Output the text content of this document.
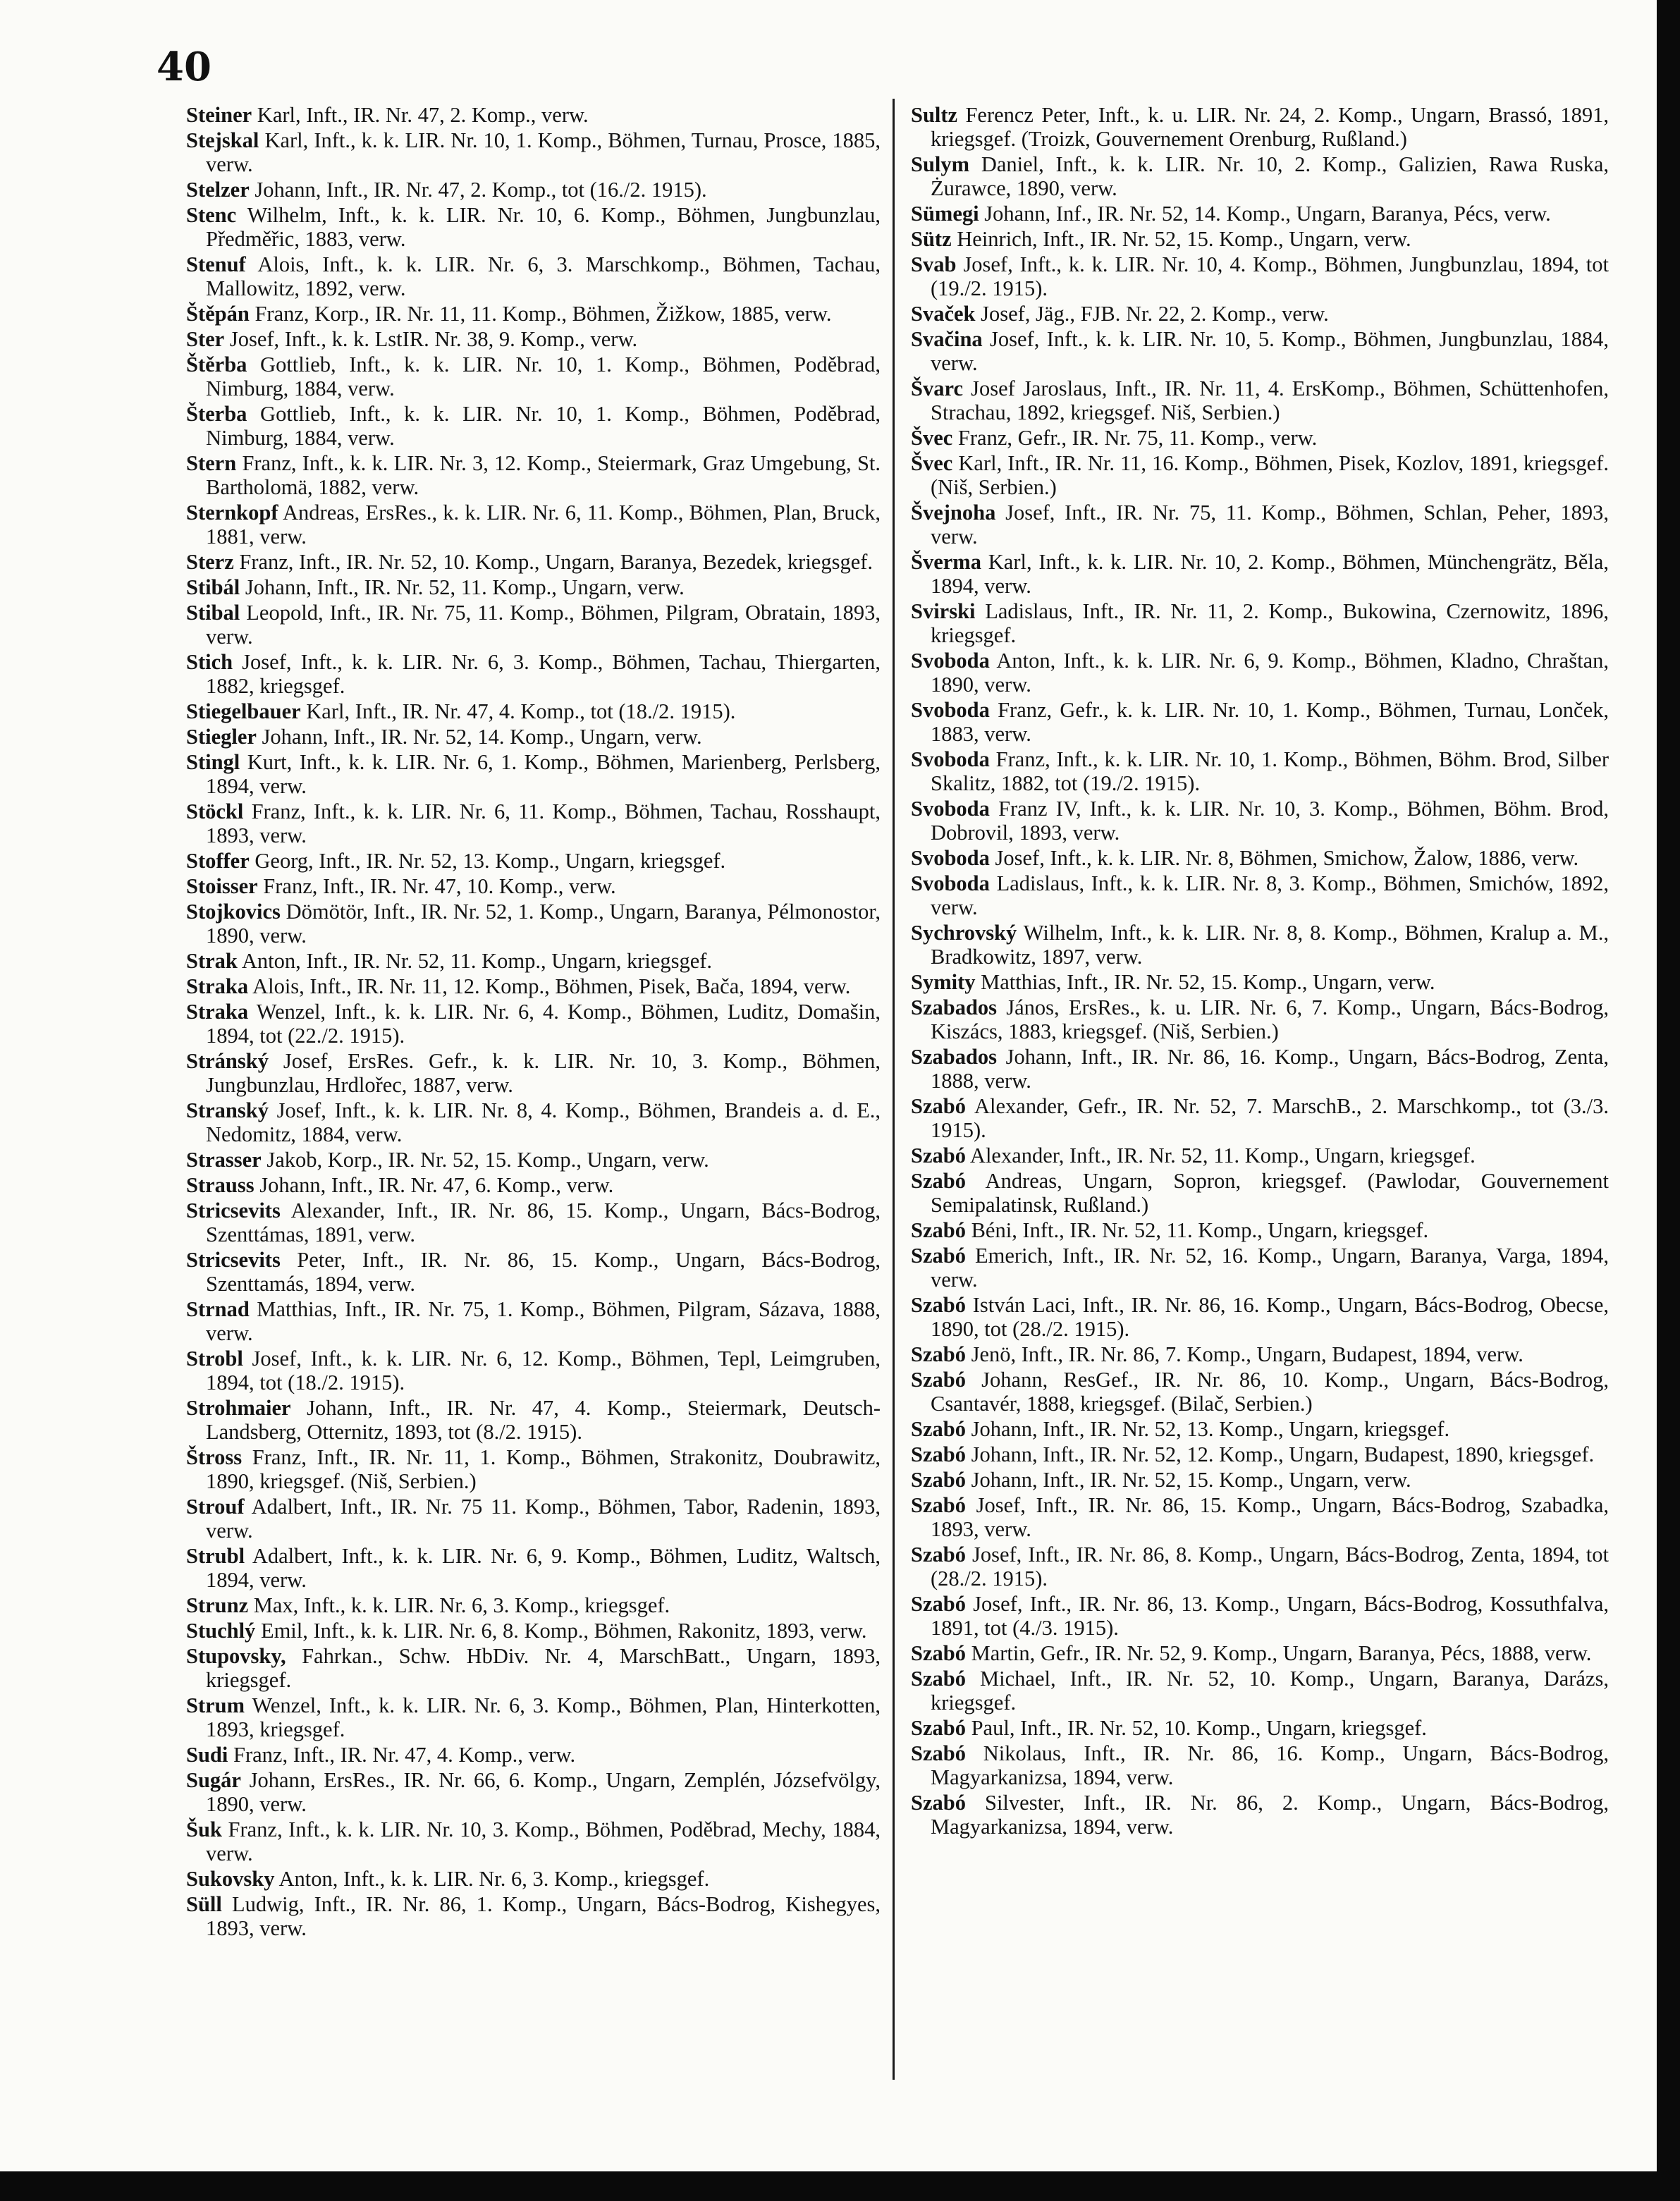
40

Steiner Karl, Inft., IR. Nr. 47, 2. Komp., verw.

Stejskal Karl, Inft., k. k. LIR. Nr. 10, 1. Komp., Böhmen, Turnau, Prosce, 1885, verw.

Stelzer Johann, Inft., IR. Nr. 47, 2. Komp., tot (16./2. 1915).

Stenc Wilhelm, Inft., k. k. LIR. Nr. 10, 6. Komp., Böhmen, Jungbunzlau, Předměřic, 1883, verw.

Stenuf Alois, Inft., k. k. LIR. Nr. 6, 3. Marschkomp., Böhmen, Tachau, Mallowitz, 1892, verw.

Štěpán Franz, Korp., IR. Nr. 11, 11. Komp., Böhmen, Žižkow, 1885, verw.

Ster Josef, Inft., k. k. LstIR. Nr. 38, 9. Komp., verw.

Štěrba Gottlieb, Inft., k. k. LIR. Nr. 10, 1. Komp., Böhmen, Poděbrad, Nimburg, 1884, verw.

Šterba Gottlieb, Inft., k. k. LIR. Nr. 10, 1. Komp., Böhmen, Poděbrad, Nimburg, 1884, verw.

Stern Franz, Inft., k. k. LIR. Nr. 3, 12. Komp., Steiermark, Graz Umgebung, St. Bartholomä, 1882, verw.

Sternkopf Andreas, ErsRes., k. k. LIR. Nr. 6, 11. Komp., Böhmen, Plan, Bruck, 1881, verw.

Sterz Franz, Inft., IR. Nr. 52, 10. Komp., Ungarn, Baranya, Bezedek, kriegsgef.

Stibál Johann, Inft., IR. Nr. 52, 11. Komp., Ungarn, verw.

Stibal Leopold, Inft., IR. Nr. 75, 11. Komp., Böhmen, Pilgram, Obratain, 1893, verw.

Stich Josef, Inft., k. k. LIR. Nr. 6, 3. Komp., Böhmen, Tachau, Thiergarten, 1882, kriegsgef.

Stiegelbauer Karl, Inft., IR. Nr. 47, 4. Komp., tot (18./2. 1915).

Stiegler Johann, Inft., IR. Nr. 52, 14. Komp., Ungarn, verw.

Stingl Kurt, Inft., k. k. LIR. Nr. 6, 1. Komp., Böhmen, Marienberg, Perlsberg, 1894, verw.

Stöckl Franz, Inft., k. k. LIR. Nr. 6, 11. Komp., Böhmen, Tachau, Rosshaupt, 1893, verw.

Stoffer Georg, Inft., IR. Nr. 52, 13. Komp., Ungarn, kriegsgef.

Stoisser Franz, Inft., IR. Nr. 47, 10. Komp., verw.

Stojkovics Dömötör, Inft., IR. Nr. 52, 1. Komp., Ungarn, Baranya, Pélmonostor, 1890, verw.

Strak Anton, Inft., IR. Nr. 52, 11. Komp., Ungarn, kriegsgef.

Straka Alois, Inft., IR. Nr. 11, 12. Komp., Böhmen, Pisek, Bača, 1894, verw.

Straka Wenzel, Inft., k. k. LIR. Nr. 6, 4. Komp., Böhmen, Luditz, Domašin, 1894, tot (22./2. 1915).

Stránský Josef, ErsRes. Gefr., k. k. LIR. Nr. 10, 3. Komp., Böhmen, Jungbunzlau, Hrdlořec, 1887, verw.

Stranský Josef, Inft., k. k. LIR. Nr. 8, 4. Komp., Böhmen, Brandeis a. d. E., Nedomitz, 1884, verw.

Strasser Jakob, Korp., IR. Nr. 52, 15. Komp., Ungarn, verw.

Strauss Johann, Inft., IR. Nr. 47, 6. Komp., verw.

Stricsevits Alexander, Inft., IR. Nr. 86, 15. Komp., Ungarn, Bács-Bodrog, Szenttámas, 1891, verw.

Stricsevits Peter, Inft., IR. Nr. 86, 15. Komp., Ungarn, Bács-Bodrog, Szenttamás, 1894, verw.

Strnad Matthias, Inft., IR. Nr. 75, 1. Komp., Böhmen, Pilgram, Sázava, 1888, verw.

Strobl Josef, Inft., k. k. LIR. Nr. 6, 12. Komp., Böhmen, Tepl, Leimgruben, 1894, tot (18./2. 1915).

Strohmaier Johann, Inft., IR. Nr. 47, 4. Komp., Steiermark, Deutsch-Landsberg, Otternitz, 1893, tot (8./2. 1915).

Štross Franz, Inft., IR. Nr. 11, 1. Komp., Böhmen, Strakonitz, Doubrawitz, 1890, kriegsgef. (Niš, Serbien.)

Strouf Adalbert, Inft., IR. Nr. 75 11. Komp., Böhmen, Tabor, Radenin, 1893, verw.

Strubl Adalbert, Inft., k. k. LIR. Nr. 6, 9. Komp., Böhmen, Luditz, Waltsch, 1894, verw.

Strunz Max, Inft., k. k. LIR. Nr. 6, 3. Komp., kriegsgef.

Stuchlý Emil, Inft., k. k. LIR. Nr. 6, 8. Komp., Böhmen, Rakonitz, 1893, verw.

Stupovsky, Fahrkan., Schw. HbDiv. Nr. 4, MarschBatt., Ungarn, 1893, kriegsgef.

Strum Wenzel, Inft., k. k. LIR. Nr. 6, 3. Komp., Böhmen, Plan, Hinterkotten, 1893, kriegsgef.

Sudi Franz, Inft., IR. Nr. 47, 4. Komp., verw.

Sugár Johann, ErsRes., IR. Nr. 66, 6. Komp., Ungarn, Zemplén, Józsefvölgy, 1890, verw.

Šuk Franz, Inft., k. k. LIR. Nr. 10, 3. Komp., Böhmen, Poděbrad, Mechy, 1884, verw.

Sukovsky Anton, Inft., k. k. LIR. Nr. 6, 3. Komp., kriegsgef.

Süll Ludwig, Inft., IR. Nr. 86, 1. Komp., Ungarn, Bács-Bodrog, Kishegyes, 1893, verw.

Sultz Ferencz Peter, Inft., k. u. LIR. Nr. 24, 2. Komp., Ungarn, Brassó, 1891, kriegsgef. (Troizk, Gouvernement Orenburg, Rußland.)

Sulym Daniel, Inft., k. k. LIR. Nr. 10, 2. Komp., Galizien, Rawa Ruska, Żurawce, 1890, verw.

Sümegi Johann, Inf., IR. Nr. 52, 14. Komp., Ungarn, Baranya, Pécs, verw.

Sütz Heinrich, Inft., IR. Nr. 52, 15. Komp., Ungarn, verw.

Svab Josef, Inft., k. k. LIR. Nr. 10, 4. Komp., Böhmen, Jungbunzlau, 1894, tot (19./2. 1915).

Svaček Josef, Jäg., FJB. Nr. 22, 2. Komp., verw.

Svačina Josef, Inft., k. k. LIR. Nr. 10, 5. Komp., Böhmen, Jungbunzlau, 1884, verw.

Švarc Josef Jaroslaus, Inft., IR. Nr. 11, 4. ErsKomp., Böhmen, Schüttenhofen, Strachau, 1892, kriegsgef. Niš, Serbien.)

Švec Franz, Gefr., IR. Nr. 75, 11. Komp., verw.

Švec Karl, Inft., IR. Nr. 11, 16. Komp., Böhmen, Pisek, Kozlov, 1891, kriegsgef. (Niš, Serbien.)

Švejnoha Josef, Inft., IR. Nr. 75, 11. Komp., Böhmen, Schlan, Peher, 1893, verw.

Šverma Karl, Inft., k. k. LIR. Nr. 10, 2. Komp., Böhmen, Münchengrätz, Běla, 1894, verw.

Svirski Ladislaus, Inft., IR. Nr. 11, 2. Komp., Bukowina, Czernowitz, 1896, kriegsgef.

Svoboda Anton, Inft., k. k. LIR. Nr. 6, 9. Komp., Böhmen, Kladno, Chraštan, 1890, verw.

Svoboda Franz, Gefr., k. k. LIR. Nr. 10, 1. Komp., Böhmen, Turnau, Lonček, 1883, verw.

Svoboda Franz, Inft., k. k. LIR. Nr. 10, 1. Komp., Böhmen, Böhm. Brod, Silber Skalitz, 1882, tot (19./2. 1915).

Svoboda Franz IV, Inft., k. k. LIR. Nr. 10, 3. Komp., Böhmen, Böhm. Brod, Dobrovil, 1893, verw.

Svoboda Josef, Inft., k. k. LIR. Nr. 8, Böhmen, Smichow, Žalow, 1886, verw.

Svoboda Ladislaus, Inft., k. k. LIR. Nr. 8, 3. Komp., Böhmen, Smichów, 1892, verw.

Sychrovský Wilhelm, Inft., k. k. LIR. Nr. 8, 8. Komp., Böhmen, Kralup a. M., Bradkowitz, 1897, verw.

Symity Matthias, Inft., IR. Nr. 52, 15. Komp., Ungarn, verw.

Szabados János, ErsRes., k. u. LIR. Nr. 6, 7. Komp., Ungarn, Bács-Bodrog, Kiszács, 1883, kriegsgef. (Niš, Serbien.)

Szabados Johann, Inft., IR. Nr. 86, 16. Komp., Ungarn, Bács-Bodrog, Zenta, 1888, verw.

Szabó Alexander, Gefr., IR. Nr. 52, 7. MarschB., 2. Marschkomp., tot (3./3. 1915).

Szabó Alexander, Inft., IR. Nr. 52, 11. Komp., Ungarn, kriegsgef.

Szabó Andreas, Ungarn, Sopron, kriegsgef. (Pawlodar, Gouvernement Semipalatinsk, Rußland.)

Szabó Béni, Inft., IR. Nr. 52, 11. Komp., Ungarn, kriegsgef.

Szabó Emerich, Inft., IR. Nr. 52, 16. Komp., Ungarn, Baranya, Varga, 1894, verw.

Szabó István Laci, Inft., IR. Nr. 86, 16. Komp., Ungarn, Bács-Bodrog, Obecse, 1890, tot (28./2. 1915).

Szabó Jenö, Inft., IR. Nr. 86, 7. Komp., Ungarn, Budapest, 1894, verw.

Szabó Johann, ResGef., IR. Nr. 86, 10. Komp., Ungarn, Bács-Bodrog, Csantavér, 1888, kriegsgef. (Bilač, Serbien.)

Szabó Johann, Inft., IR. Nr. 52, 13. Komp., Ungarn, kriegsgef.

Szabó Johann, Inft., IR. Nr. 52, 12. Komp., Ungarn, Budapest, 1890, kriegsgef.

Szabó Johann, Inft., IR. Nr. 52, 15. Komp., Ungarn, verw.

Szabó Josef, Inft., IR. Nr. 86, 15. Komp., Ungarn, Bács-Bodrog, Szabadka, 1893, verw.

Szabó Josef, Inft., IR. Nr. 86, 8. Komp., Ungarn, Bács-Bodrog, Zenta, 1894, tot (28./2. 1915).

Szabó Josef, Inft., IR. Nr. 86, 13. Komp., Ungarn, Bács-Bodrog, Kossuthfalva, 1891, tot (4./3. 1915).

Szabó Martin, Gefr., IR. Nr. 52, 9. Komp., Ungarn, Baranya, Pécs, 1888, verw.

Szabó Michael, Inft., IR. Nr. 52, 10. Komp., Ungarn, Baranya, Darázs, kriegsgef.

Szabó Paul, Inft., IR. Nr. 52, 10. Komp., Ungarn, kriegsgef.

Szabó Nikolaus, Inft., IR. Nr. 86, 16. Komp., Ungarn, Bács-Bodrog, Magyarkanizsa, 1894, verw.

Szabó Silvester, Inft., IR. Nr. 86, 2. Komp., Ungarn, Bács-Bodrog, Magyarkanizsa, 1894, verw.
